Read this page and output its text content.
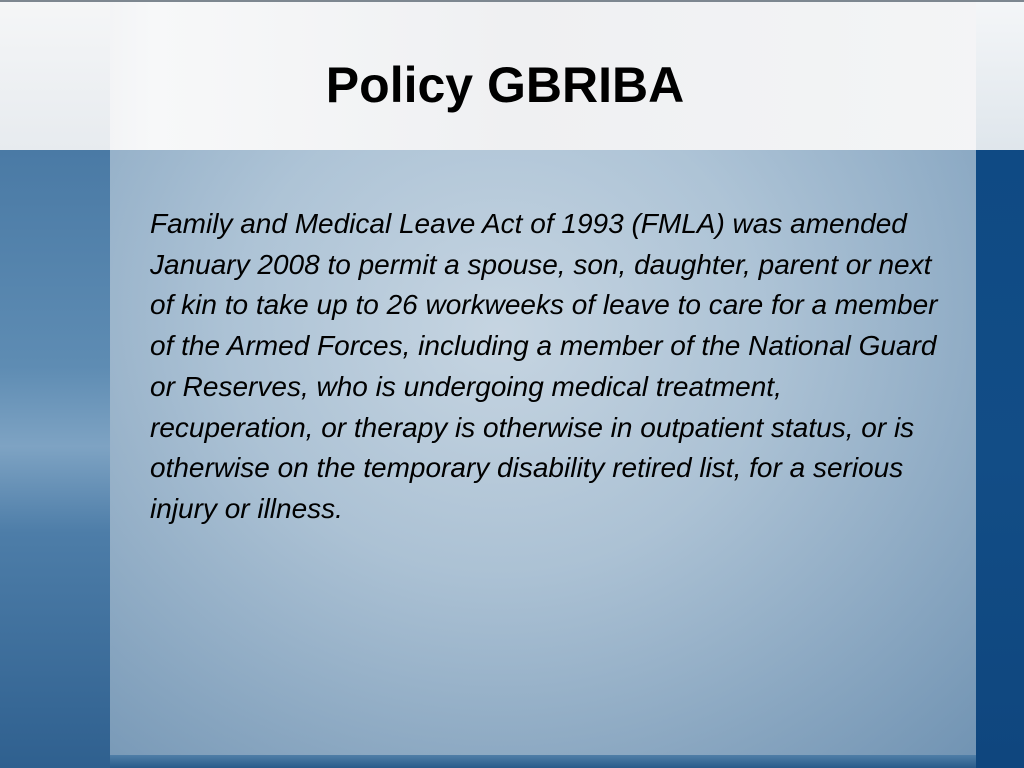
Policy GBRIBA

Family and Medical Leave Act of 1993 (FMLA) was amended January 2008 to permit a spouse, son, daughter, parent or next of kin to take up to 26 workweeks of leave to care for a member of the Armed Forces, including a member of the National Guard or Reserves, who is undergoing medical treatment, recuperation, or therapy is otherwise in outpatient status, or is otherwise on the temporary disability retired list, for a serious injury or illness.
